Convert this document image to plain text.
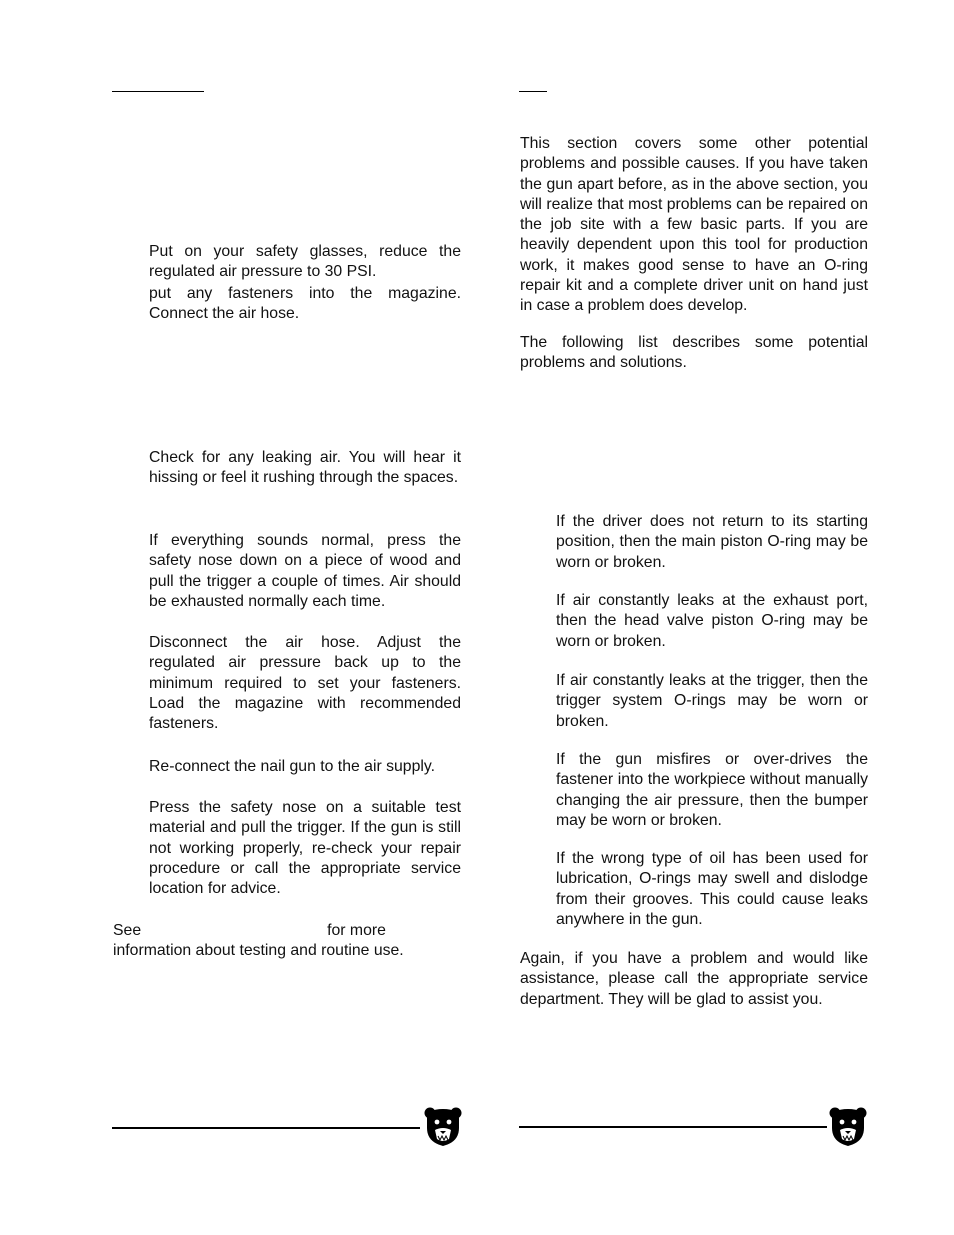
Put on your safety glasses, reduce the regulated air pressure to 30 PSI.

put any fasteners into the magazine. Connect the air hose.

Check for any leaking air. You will hear it hissing or feel it rushing through the spaces.

If everything sounds normal, press the safety nose down on a piece of wood and pull the trigger a couple of times. Air should be exhausted normally each time.

Disconnect the air hose. Adjust the regulated air pressure back up to the minimum required to set your fasteners. Load the magazine with recommended fasteners.

Re-connect the nail gun to the air supply.

Press the safety nose on a suitable test material and pull the trigger. If the gun is still not working properly, re-check your repair procedure or call the appropriate service location for advice.

See	for more information about testing and routine use.

This section covers some other potential problems and possible causes. If you have taken the gun apart before, as in the above section, you will realize that most problems can be repaired on the job site with a few basic parts. If you are heavily dependent upon this tool for production work, it makes good sense to have an O-ring repair kit and a complete driver unit on hand just in case a problem does develop.

The following list describes some potential problems and solutions.

If the driver does not return to its starting position, then the main piston O-ring may be worn or broken.

If air constantly leaks at the exhaust port, then the head valve piston O-ring may be worn or broken.

If air constantly leaks at the trigger, then the trigger system O-rings may be worn or broken.

If the gun misfires or over-drives the fastener into the workpiece without manually changing the air pressure, then the bumper may be worn or broken.

If the wrong type of oil has been used for lubrication, O-rings may swell and dislodge from their grooves. This could cause leaks anywhere in the gun.

Again, if you have a problem and would like assistance, please call the appropriate service department. They will be glad to assist you.
